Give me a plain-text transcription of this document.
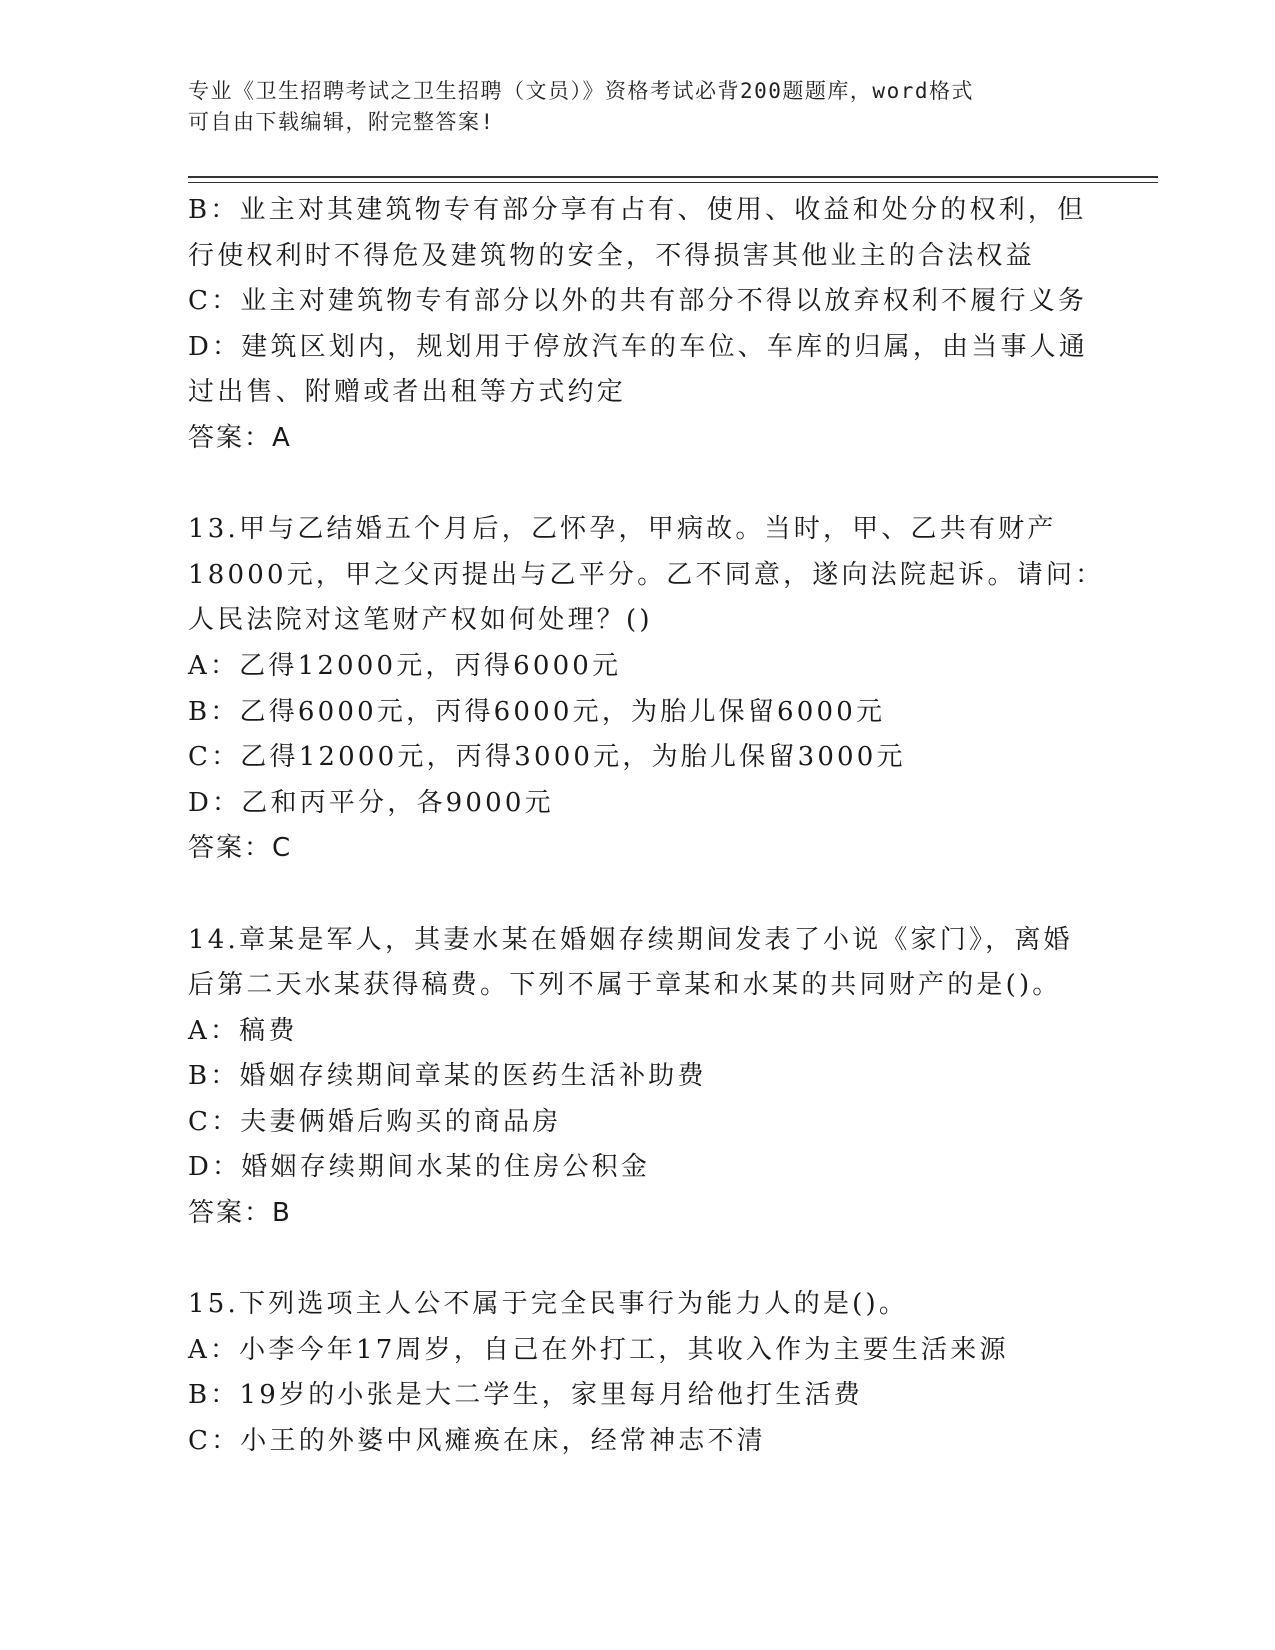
专业《卫生招聘考试之卫生招聘（文员）》资格考试必背200题题库，word格式
可自由下载编辑，附完整答案!
B：业主对其建筑物专有部分享有占有、使用、收益和处分的权利，但
行使权利时不得危及建筑物的安全，不得损害其他业主的合法权益
C：业主对建筑物专有部分以外的共有部分不得以放弃权利不履行义务
D：建筑区划内，规划用于停放汽车的车位、车库的归属，由当事人通
过出售、附赠或者出租等方式约定
答案：A
13.甲与乙结婚五个月后，乙怀孕，甲病故。当时，甲、乙共有财产
18000元，甲之父丙提出与乙平分。乙不同意，遂向法院起诉。请问：
人民法院对这笔财产权如何处理？()
A：乙得12000元，丙得6000元
B：乙得6000元，丙得6000元，为胎儿保留6000元
C：乙得12000元，丙得3000元，为胎儿保留3000元
D：乙和丙平分，各9000元
答案：C
14.章某是军人，其妻水某在婚姻存续期间发表了小说《家门》，离婚
后第二天水某获得稿费。下列不属于章某和水某的共同财产的是()。
A：稿费
B：婚姻存续期间章某的医药生活补助费
C：夫妻俩婚后购买的商品房
D：婚姻存续期间水某的住房公积金
答案：B
15.下列选项主人公不属于完全民事行为能力人的是()。
A：小李今年17周岁，自己在外打工，其收入作为主要生活来源
B：19岁的小张是大二学生，家里每月给他打生活费
C：小王的外婆中风瘫痪在床，经常神志不清
